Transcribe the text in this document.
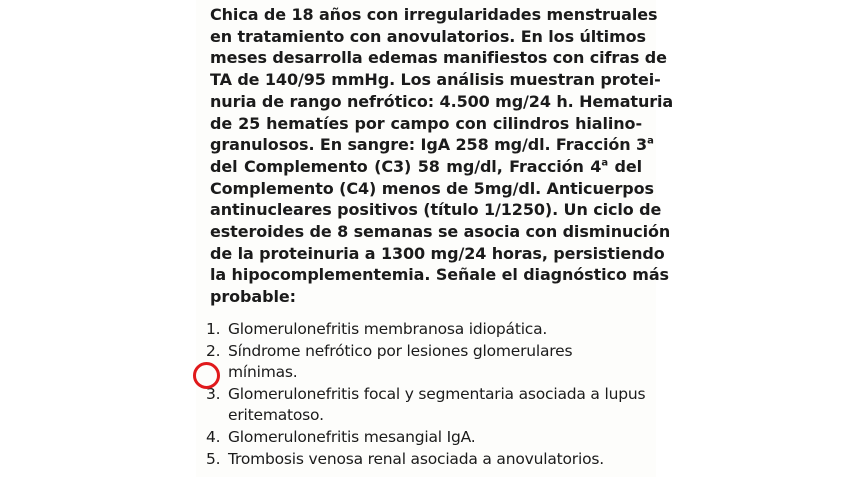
Chica de 18 años con irregularidades menstruales
en tratamiento con anovulatorios. En los últimos
meses desarrolla edemas manifiestos con cifras de
TA de 140/95 mmHg. Los análisis muestran protei-
nuria de rango nefrótico: 4.500 mg/24 h. Hematuria
de 25 hematíes por campo con cilindros hialino-
granulosos. En sangre: IgA 258 mg/dl. Fracción 3$^a$
del Complemento (C3) 58 mg/dl, Fracción 4$^a$ del
Complemento (C4) menos de 5mg/dl. Anticuerpos
antinucleares positivos (título 1/1250). Un ciclo de
esteroides de 8 semanas se asocia con disminución
de la proteinuria a 1300 mg/24 horas, persistiendo
la hipocomplementemia. Señale el diagnóstico más
probable:
1. Glomerulonefritis membranosa idiopática.
2. Síndrome nefrótico por lesiones glomerulares mínimas.
3. Glomerulonefritis focal y segmentaria asociada a lupus eritematoso.
4. Glomerulonefritis mesangial IgA.
5. Trombosis venosa renal asociada a anovulatorios.
